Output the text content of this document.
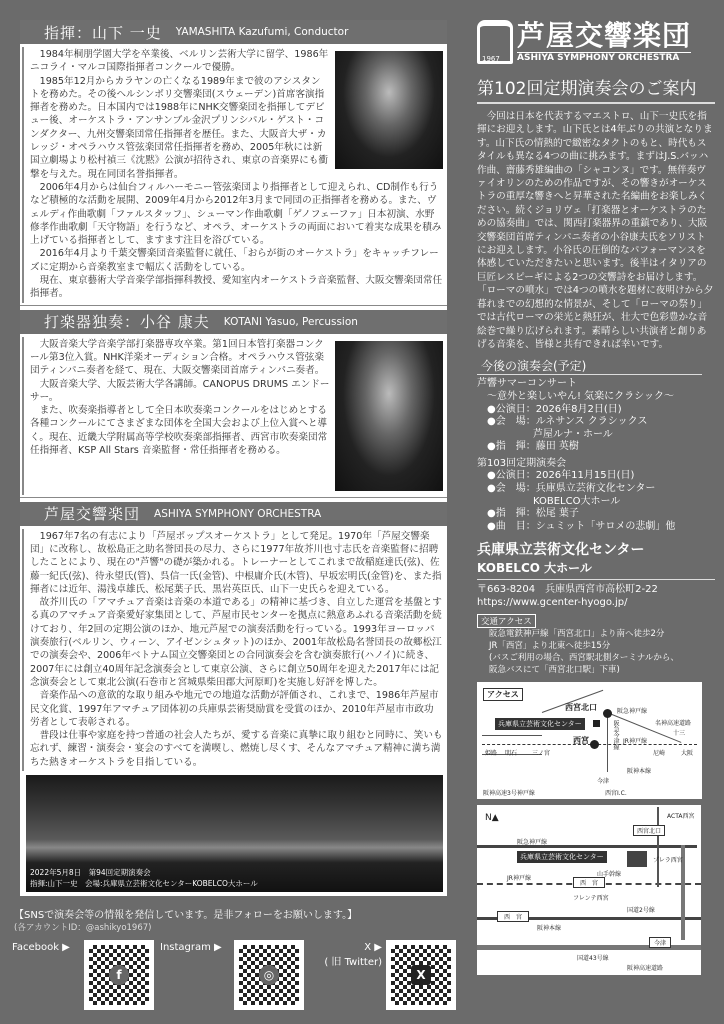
指揮：山下 一史 YAMASHITA Kazufumi, Conductor

1984年桐朋学園大学を卒業後、ベルリン芸術大学に留学、1986年ニコライ・マルコ国際指揮者コンクールで優勝。

1985年12月からカラヤンの亡くなる1989年まで彼のアシスタントを務めた。その後ヘルシンボリ交響楽団(スウェーデン)首席客演指揮者を務めた。日本国内では1988年にNHK交響楽団を指揮してデビュー後、オーケストラ・アンサンブル金沢プリンシパル・ゲスト・コンダクター、九州交響楽団常任指揮者を歴任。また、大阪音大ザ・カレッジ・オペラハウス管弦楽団常任指揮者を務め、2005年秋には新国立劇場より松村禎三《沈黙》公演が招待され、東京の音楽界にも衝撃を与えた。現在同団名誉指揮者。

2006年4月からは仙台フィルハーモニー管弦楽団より指揮者として迎えられ、CD制作も行うなど積極的な活動を展開、2009年4月から2012年3月まで同団の正指揮者を務める。また、ヴェルディ作曲歌劇「ファルスタッフ」、シューマン作曲歌劇「ゲノフェーファ」日本初演、水野修孝作曲歌劇「天守物語」を行うなど、オペラ、オーケストラの両面において着実な成果を積み上げている指揮者として、ますます注目を浴びている。

2016年4月より千葉交響楽団音楽監督に就任、「おらが街のオーケストラ」をキャッチフレーズに定期から音楽教室まで幅広く活動をしている。

現在、東京藝術大学音楽学部指揮科教授、愛知室内オーケストラ音楽監督、大阪交響楽団常任指揮者。

打楽器独奏：小谷 康夫 KOTANI Yasuo, Percussion

大阪音楽大学音楽学部打楽器専攻卒業。第1回日本管打楽器コンクール第3位入賞。NHK洋楽オーディション合格。オペラハウス管弦楽団ティンパニ奏者を経て、現在、大阪交響楽団首席ティンパニ奏者。

大阪音楽大学、大阪芸術大学各講師。CANOPUS DRUMS エンドーサー。

また、吹奏楽指導者として全日本吹奏楽コンクールをはじめとする各種コンクールにてさまざまな団体を全国大会および上位入賞へと導く。現在、近畿大学附属高等学校吹奏楽部指揮者、西宮市吹奏楽団常任指揮者、KSP All Stars 音楽監督・常任指揮者を務める。

芦屋交響楽団 ASHIYA SYMPHONY ORCHESTRA

1967年7名の有志により「芦屋ポップスオーケストラ」として発足。1970年「芦屋交響楽団」に改称し、故松島正之助名誉団長の尽力、さらに1977年故芥川也寸志氏を音楽監督に招聘したことにより、現在の"芦響"の礎が築かれる。トレーナーとしてこれまで故稲庭達氏(弦)、佐藤一紀氏(弦)、待永望氏(管)、呉信一氏(金管)、中根庸介氏(木管)、早坂宏明氏(金管)を、また指揮者には近年、湯浅卓雄氏、松尾葉子氏、黒岩英臣氏、山下一史氏らを迎えている。

故芥川氏の「アマチュア音楽は音楽の本道である」の精神に基づき、自立した運営を基盤とする真のアマチュア音楽愛好家集団として、芦屋市民センターを拠点に熱意あふれる音楽活動を続けており、年2回の定期公演のほか、地元芦屋での演奏活動を行っている。1993年ヨーロッパ演奏旅行(ベルリン、ウィーン、アイゼンシュタット)のほか、2001年故松島名誉団長の故郷松江での演奏会や、2006年ベトナム国立交響楽団との合同演奏会を含む演奏旅行(ハノイ)に続き、2007年には創立40周年記念演奏会として東京公演、さらに創立50周年を迎えた2017年には記念演奏会として東北公演(石巻市と宮城県柴田郡大河原町)を実施し好評を博した。

音楽作品への意欲的な取り組みや地元での地道な活動が評価され、これまで、1986年芦屋市民文化賞、1997年アマチュア団体初の兵庫県芸術奨励賞を受賞のほか、2010年芦屋市市政功労者として表彰される。

普段は仕事や家庭を持つ普通の社会人たちが、愛する音楽に真摯に取り組むと同時に、笑いも忘れず、練習・演奏会・宴会のすべてを満喫し、燃焼し尽くす、そんなアマチュア精神に満ち満ちた熱きオーケストラを目指している。

2022年5月8日　第94回定期演奏会
指揮:山下一史　会場:兵庫県立芸術文化センターKOBELCO大ホール
【SNSで演奏会等の情報を発信しています。是非フォローをお願いします。】
(各アカウントID：@ashikyo1967)
Facebook ▶	Instagram ▶	X ▶
( 旧 Twitter)
f	◎	X
1967
芦屋交響楽団
ASHIYA SYMPHONY ORCHESTRA
第102回定期演奏会のご案内

今回は日本を代表するマエストロ、山下一史氏を指揮にお迎えします。山下氏とは4年ぶりの共演となります。山下氏の情熱的で緻密なタクトのもと、時代もスタイルも異なる4つの曲に挑みます。まずはJ.S.バッハ作曲、齋藤秀雄編曲の「シャコンヌ」です。無伴奏ヴァイオリンのための作品ですが、その響きがオーケストラの重厚な響きへと昇華された名編曲をお楽しみください。続くジョリヴェ「打楽器とオーケストラのための協奏曲」では、関西打楽器界の重鎮であり、大阪交響楽団首席ティンパニ奏者の小谷康夫氏をソリストにお迎えします。小谷氏の圧倒的なパフォーマンスを体感していただきたいと思います。後半はイタリアの巨匠レスピーギによる2つの交響詩をお届けします。「ローマの噴水」では4つの噴水を題材に夜明けから夕暮れまでの幻想的な情景が、そして「ローマの祭り」では古代ローマの栄光と熱狂が、壮大で色彩豊かな音絵巻で繰り広げられます。素晴らしい共演者と創りあげる音楽を、皆様と共有できれば幸いです。

今後の演奏会(予定)
芦響サマーコンサート
～意外と楽しいやん! 気楽にクラシック～
●公演日：2026年8月2日(日)
●会　場：ルネサンス クラシックス
芦屋ルナ・ホール
●指　揮：藤田 英樹
第103回定期演奏会
●公演日：2026年11月15日(日)
●会　場：兵庫県立芸術文化センター
KOBELCO大ホール
●指　揮：松尾 葉子
●曲　目：シュミット「サロメの悲劇」他
兵庫県立芸術文化センター
KOBELCO 大ホール
〒663-8204　兵庫県西宮市高松町2-22
https://www.gcenter-hyogo.jp/
交通アクセス
阪急電鉄神戸線「西宮北口」より南へ徒歩2分
JR「西宮」より北東へ徒歩15分
(バスご利用の場合、西宮駅北側ターミナルから、
阪急バスにて「西宮北口駅」下車)
アクセス
西宮北口
西宮
兵庫県立芸術文化センター
阪急神戸線
名神高速道路
JR神戸線
阪神本線
阪神高速3号神戸線	西宮I.C.
三ノ宮	大阪
尼崎
姫路 明石
十三
今津
阪急今津線
兵庫県立芸術文化センター
西宮北口
西　宮
西　宮
今津
阪急神戸線
JR神戸線
阪神本線
国道2号線
国道43号線
阪神高速道路
ACTA西宮
プレラ西宮
フレンテ西宮
山手幹線
N▲
